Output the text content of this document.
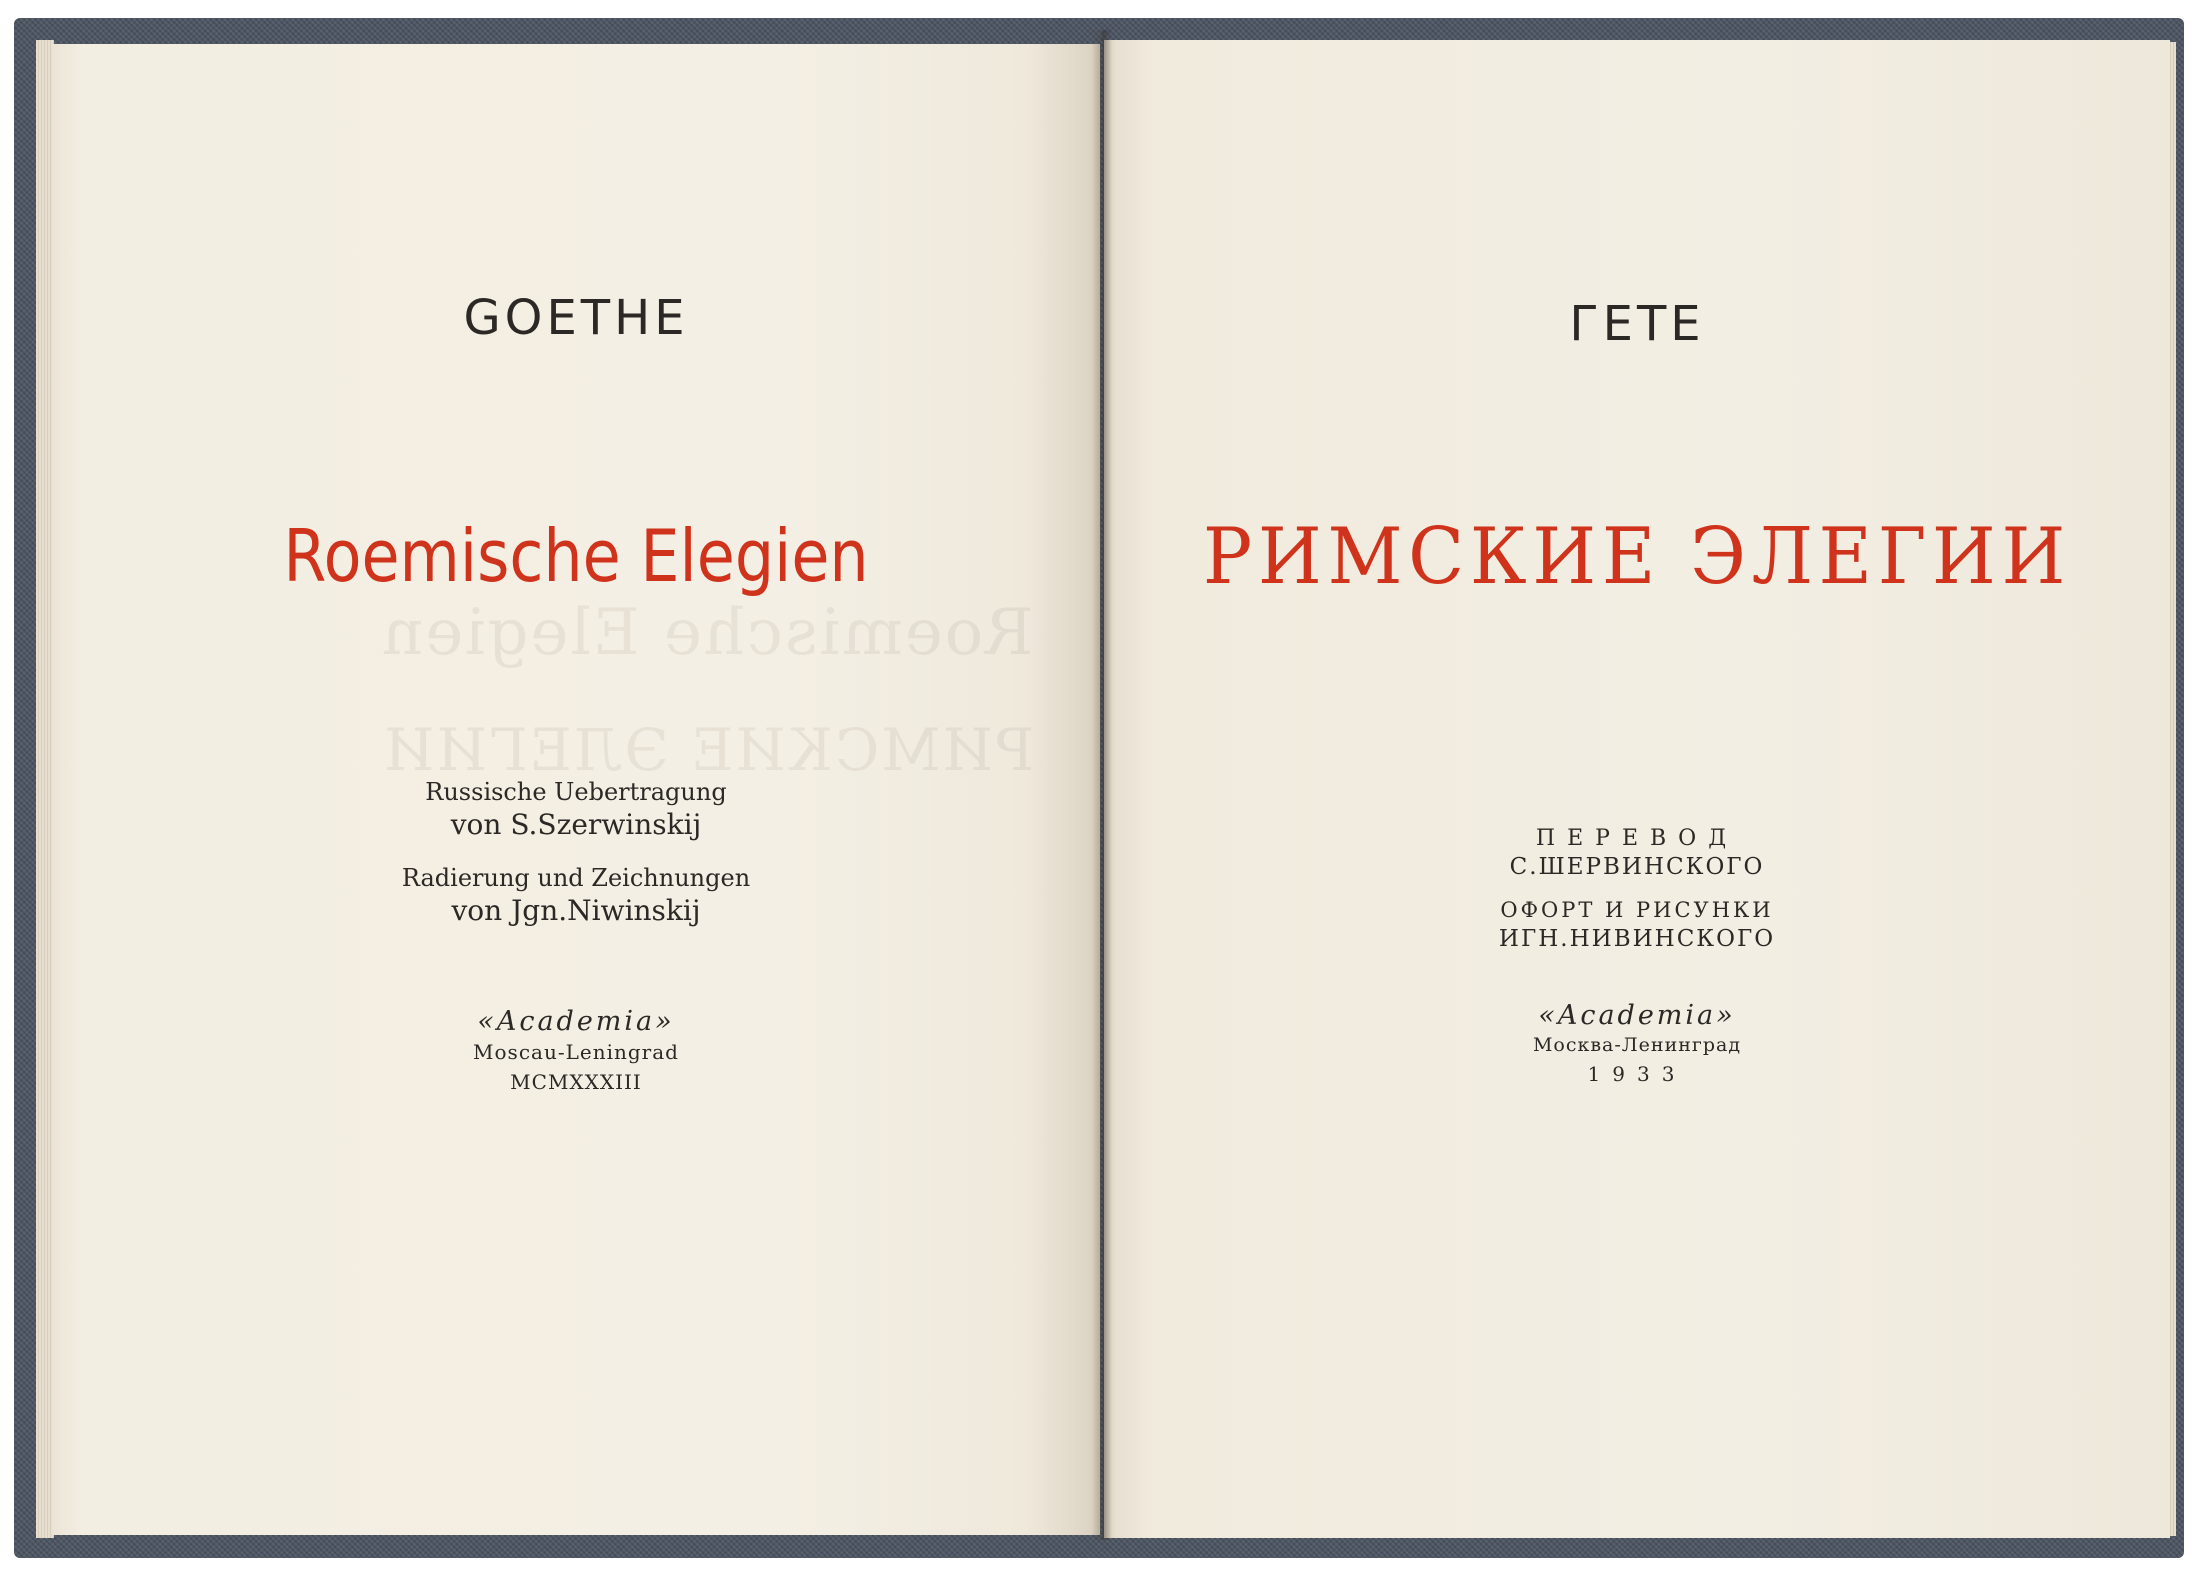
Roemische Elegien
РИМСКИЕ ЭЛЕГИИ
GOETHE
Roemische Elegien
Russische Uebertragung
von S.Szerwinskij
Radierung und Zeichnungen
von Jgn.Niwinskij
«Academia»
Moscau-Leningrad
MCMXXXIII
ГЕТЕ
РИМСКИЕ ЭЛЕГИИ
ПЕРЕВОД
С.ШЕРВИНСКОГО
ОФОРТ И РИСУНКИ
ИГН.НИВИНСКОГО
«Academia»
Москва-Ленинград
1933
